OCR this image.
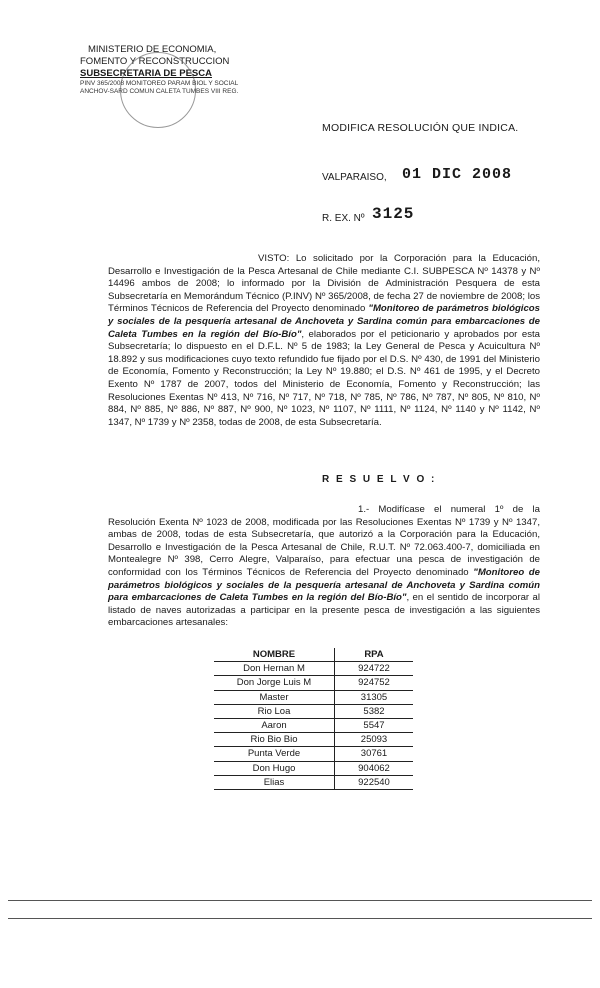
MINISTERIO DE ECONOMIA,
FOMENTO Y RECONSTRUCCION
SUBSECRETARIA DE PESCA
PINV 365/2008 MONITOREO PARAM BIOL Y SOCIAL
ANCHOV-SARD COMUN CALETA TUMBES VIII REG.
MODIFICA RESOLUCIÓN QUE INDICA.
VALPARAISO, 01 DIC 2008
R. EX. Nº 3125
VISTO: Lo solicitado por la Corporación para la Educación, Desarrollo e Investigación de la Pesca Artesanal de Chile mediante C.I. SUBPESCA Nº 14378 y Nº 14496 ambos de 2008; lo informado por la División de Administración Pesquera de esta Subsecretaría en Memorándum Técnico (P.INV) Nº 365/2008, de fecha 27 de noviembre de 2008; los Términos Técnicos de Referencia del Proyecto denominado "Monitoreo de parámetros biológicos y sociales de la pesquería artesanal de Anchoveta y Sardina común para embarcaciones de Caleta Tumbes en la región del Bío-Bío", elaborados por el peticionario y aprobados por esta Subsecretaría; lo dispuesto en el D.F.L. Nº 5 de 1983; la Ley General de Pesca y Acuicultura Nº 18.892 y sus modificaciones cuyo texto refundido fue fijado por el D.S. Nº 430, de 1991 del Ministerio de Economía, Fomento y Reconstrucción; la Ley Nº 19.880; el D.S. Nº 461 de 1995, y el Decreto Exento Nº 1787 de 2007, todos del Ministerio de Economía, Fomento y Reconstrucción; las Resoluciones Exentas Nº 413, Nº 716, Nº 717, Nº 718, Nº 785, Nº 786, Nº 787, Nº 805, Nº 810, Nº 884, Nº 885, Nº 886, Nº 887, Nº 900, Nº 1023, Nº 1107, Nº 1111, Nº 1124, Nº 1140 y Nº 1142, Nº 1347, Nº 1739 y Nº 2358, todas de 2008, de esta Subsecretaría.
R E S U E L V O :
1.- Modifícase el numeral 1º de la Resolución Exenta Nº 1023 de 2008, modificada por las Resoluciones Exentas Nº 1739 y Nº 1347, ambas de 2008, todas de esta Subsecretaría, que autorizó a la Corporación para la Educación, Desarrollo e Investigación de la Pesca Artesanal de Chile, R.U.T. Nº 72.063.400-7, domiciliada en Montealegre Nº 398, Cerro Alegre, Valparaíso, para efectuar una pesca de investigación de conformidad con los Términos Técnicos de Referencia del Proyecto denominado "Monitoreo de parámetros biológicos y sociales de la pesquería artesanal de Anchoveta y Sardina común para embarcaciones de Caleta Tumbes en la región del Bío-Bío", en el sentido de incorporar al listado de naves autorizadas a participar en la presente pesca de investigación a las siguientes embarcaciones artesanales:
NOMBRE	RPA
Don Hernan M	924722
Don Jorge Luis M	924752
Master	31305
Rio Loa	5382
Aaron	5547
Rio Bio Bio	25093
Punta Verde	30761
Don Hugo	904062
Elias	922540
